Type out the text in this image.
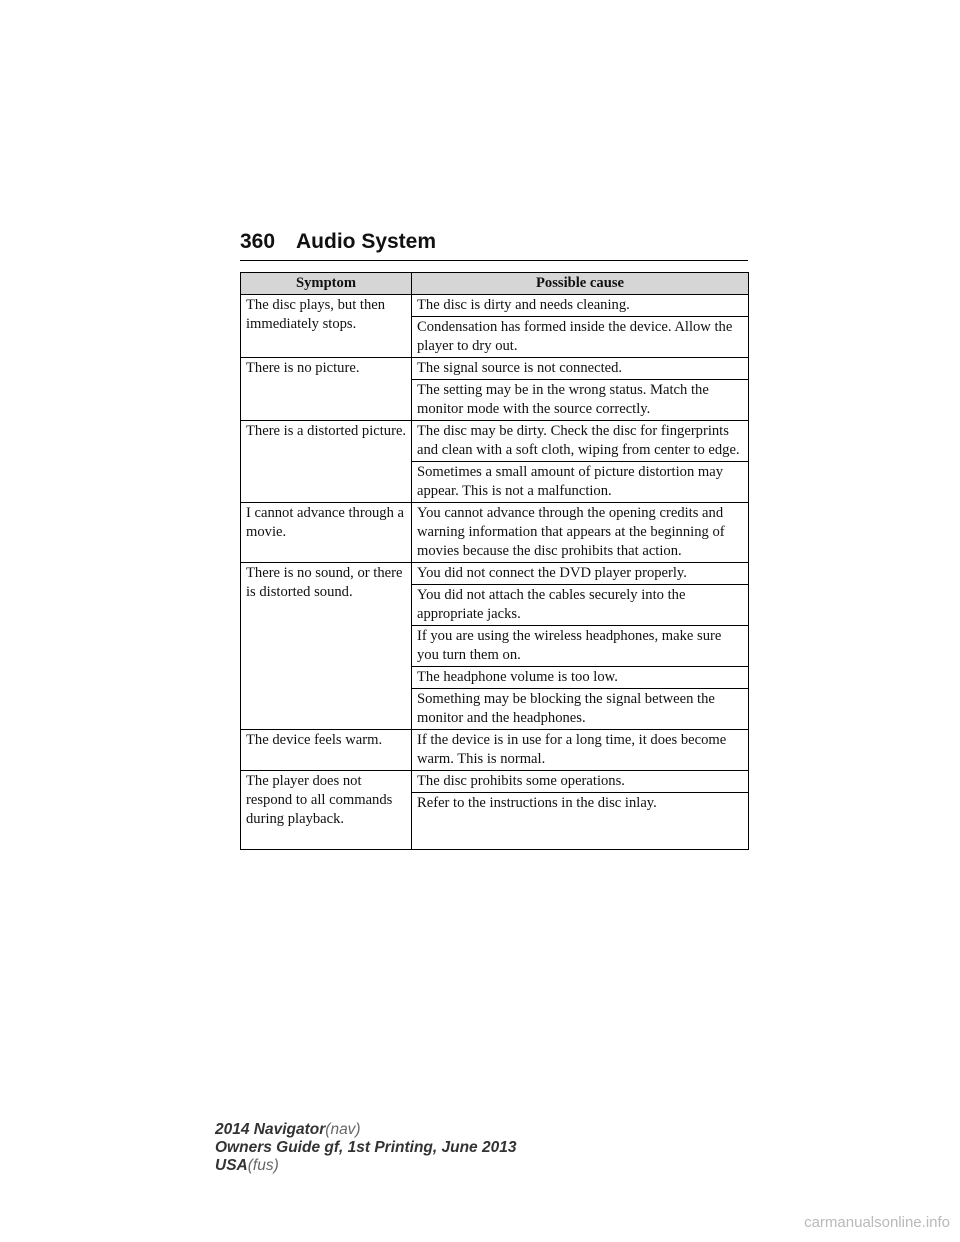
360 Audio System
Symptom	Possible cause
The disc plays, but then immediately stops.	The disc is dirty and needs cleaning.
	Condensation has formed inside the device. Allow the player to dry out.
There is no picture.	The signal source is not connected.
	The setting may be in the wrong status. Match the monitor mode with the source correctly.
There is a distorted picture.	The disc may be dirty. Check the disc for fingerprints and clean with a soft cloth, wiping from center to edge.
	Sometimes a small amount of picture distortion may appear. This is not a malfunction.
I cannot advance through a movie.	You cannot advance through the opening credits and warning information that appears at the beginning of movies because the disc prohibits that action.
There is no sound, or there is distorted sound.	You did not connect the DVD player properly.
	You did not attach the cables securely into the appropriate jacks.
	If you are using the wireless headphones, make sure you turn them on.
	The headphone volume is too low.
	Something may be blocking the signal between the monitor and the headphones.
The device feels warm.	If the device is in use for a long time, it does become warm. This is normal.
The player does not respond to all commands during playback.	The disc prohibits some operations.
	Refer to the instructions in the disc inlay.
2014 Navigator(nav)
Owners Guide gf, 1st Printing, June 2013
USA(fus)
carmanualsonline.info
